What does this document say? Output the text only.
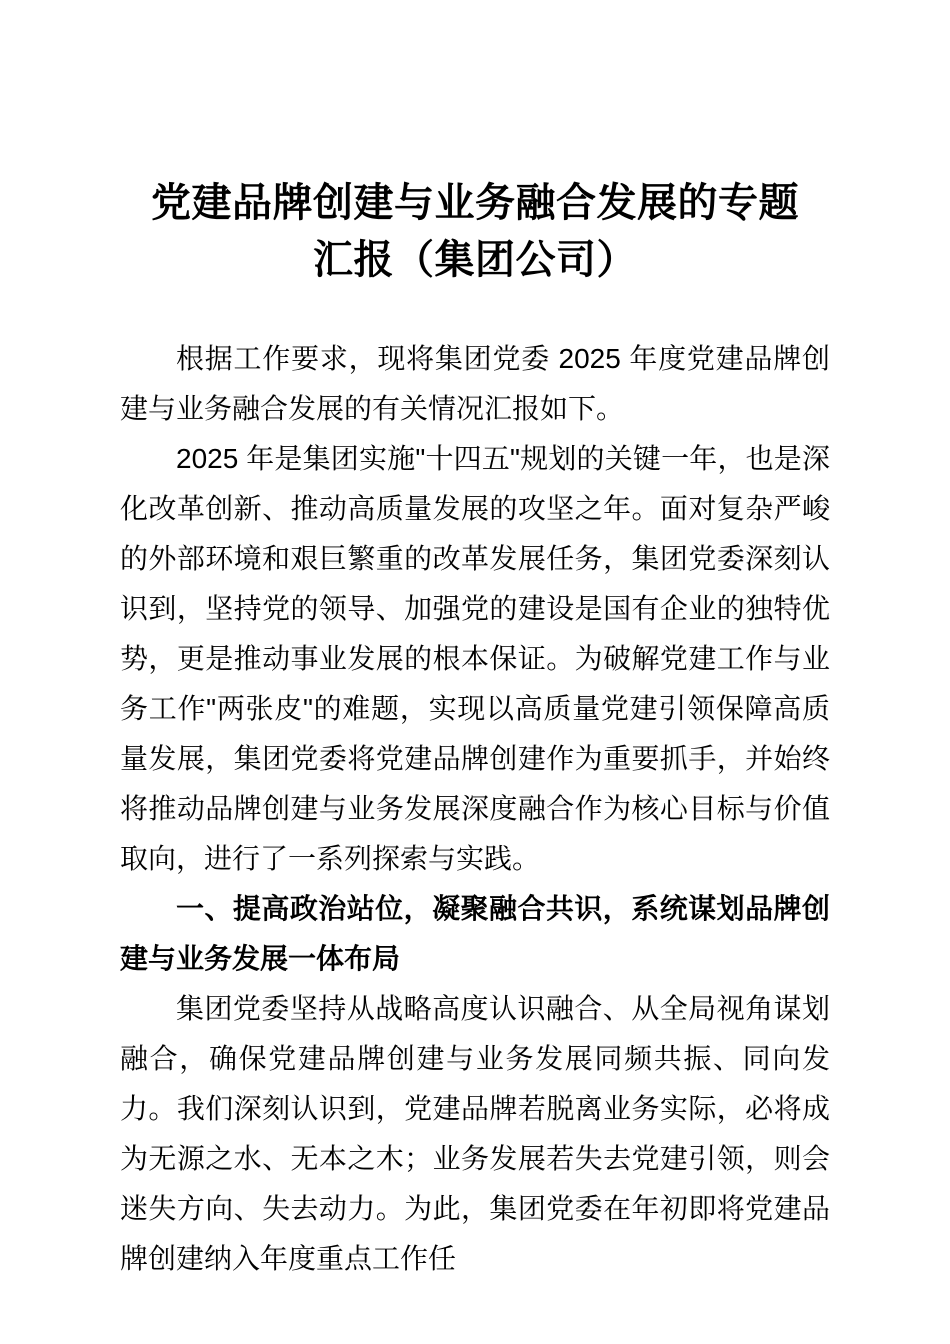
党建品牌创建与业务融合发展的专题汇报（集团公司）

根据工作要求，现将集团党委 2025 年度党建品牌创建与业务融合发展的有关情况汇报如下。

2025 年是集团实施"十四五"规划的关键一年，也是深化改革创新、推动高质量发展的攻坚之年。面对复杂严峻的外部环境和艰巨繁重的改革发展任务，集团党委深刻认识到，坚持党的领导、加强党的建设是国有企业的独特优势，更是推动事业发展的根本保证。为破解党建工作与业务工作"两张皮"的难题，实现以高质量党建引领保障高质量发展，集团党委将党建品牌创建作为重要抓手，并始终将推动品牌创建与业务发展深度融合作为核心目标与价值取向，进行了一系列探索与实践。

一、提高政治站位，凝聚融合共识，系统谋划品牌创建与业务发展一体布局

集团党委坚持从战略高度认识融合、从全局视角谋划融合，确保党建品牌创建与业务发展同频共振、同向发力。我们深刻认识到，党建品牌若脱离业务实际，必将成为无源之水、无本之木；业务发展若失去党建引领，则会迷失方向、失去动力。为此，集团党委在年初即将党建品牌创建纳入年度重点工作任
